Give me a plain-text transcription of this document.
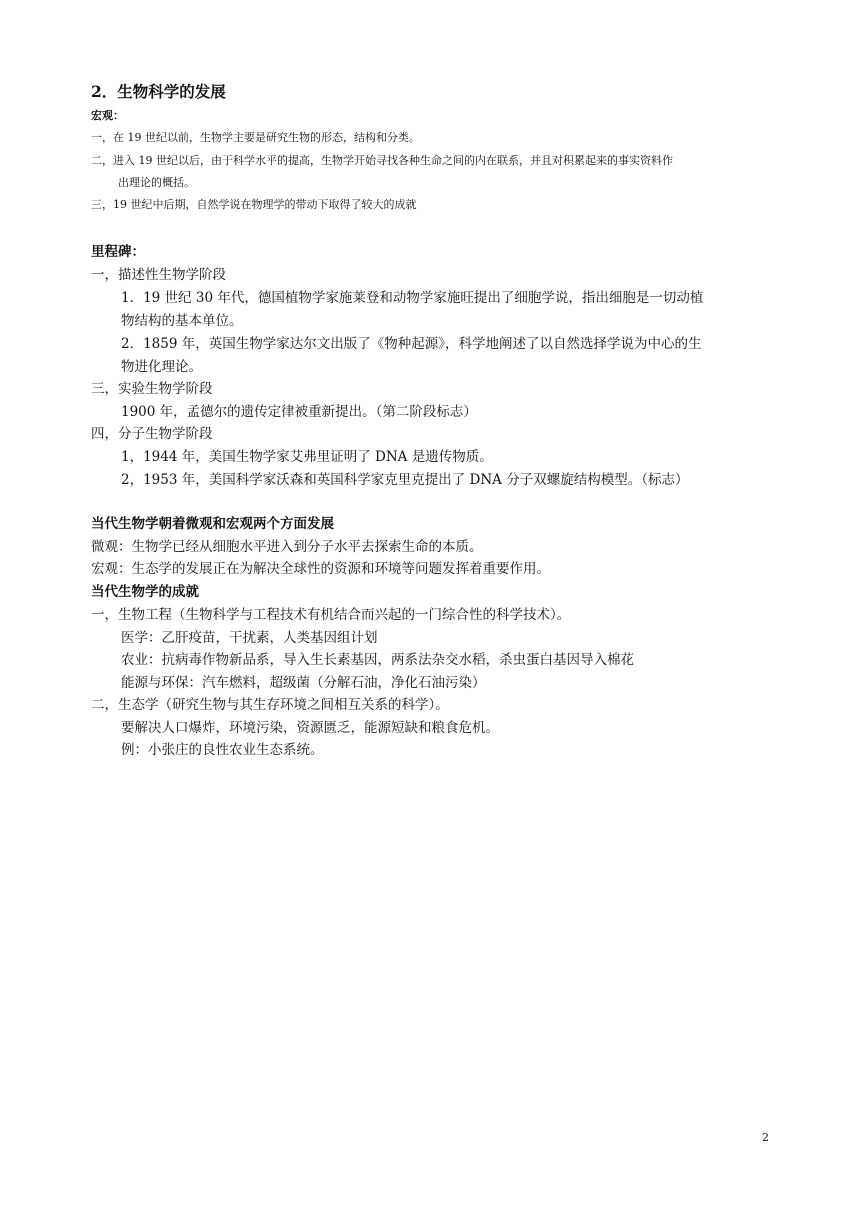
2．生物科学的发展
宏观：
一，在 19 世纪以前，生物学主要是研究生物的形态，结构和分类。
二，进入 19 世纪以后，由于科学水平的提高，生物学开始寻找各种生命之间的内在联系，并且对积累起来的事实资料作
出理论的概括。
三，19 世纪中后期，自然学说在物理学的带动下取得了较大的成就
里程碑：
一，描述性生物学阶段
1．19 世纪 30 年代，德国植物学家施莱登和动物学家施旺提出了细胞学说，指出细胞是一切动植
物结构的基本单位。
2．1859 年，英国生物学家达尔文出版了《物种起源》，科学地阐述了以自然选择学说为中心的生
物进化理论。
三，实验生物学阶段
1900 年，孟德尔的遗传定律被重新提出。（第二阶段标志）
四，分子生物学阶段
1，1944 年，美国生物学家艾弗里证明了 DNA 是遗传物质。
2，1953 年，美国科学家沃森和英国科学家克里克提出了 DNA 分子双螺旋结构模型。（标志）
当代生物学朝着微观和宏观两个方面发展
微观：生物学已经从细胞水平进入到分子水平去探索生命的本质。
宏观：生态学的发展正在为解决全球性的资源和环境等问题发挥着重要作用。
当代生物学的成就
一，生物工程（生物科学与工程技术有机结合而兴起的一门综合性的科学技术）。
医学：乙肝疫苗，干扰素，人类基因组计划
农业：抗病毒作物新品系，导入生长素基因，两系法杂交水稻，杀虫蛋白基因导入棉花
能源与环保：汽车燃料，超级菌（分解石油，净化石油污染）
二，生态学（研究生物与其生存环境之间相互关系的科学）。
要解决人口爆炸，环境污染，资源匮乏，能源短缺和粮食危机。
例：小张庄的良性农业生态系统。
2
